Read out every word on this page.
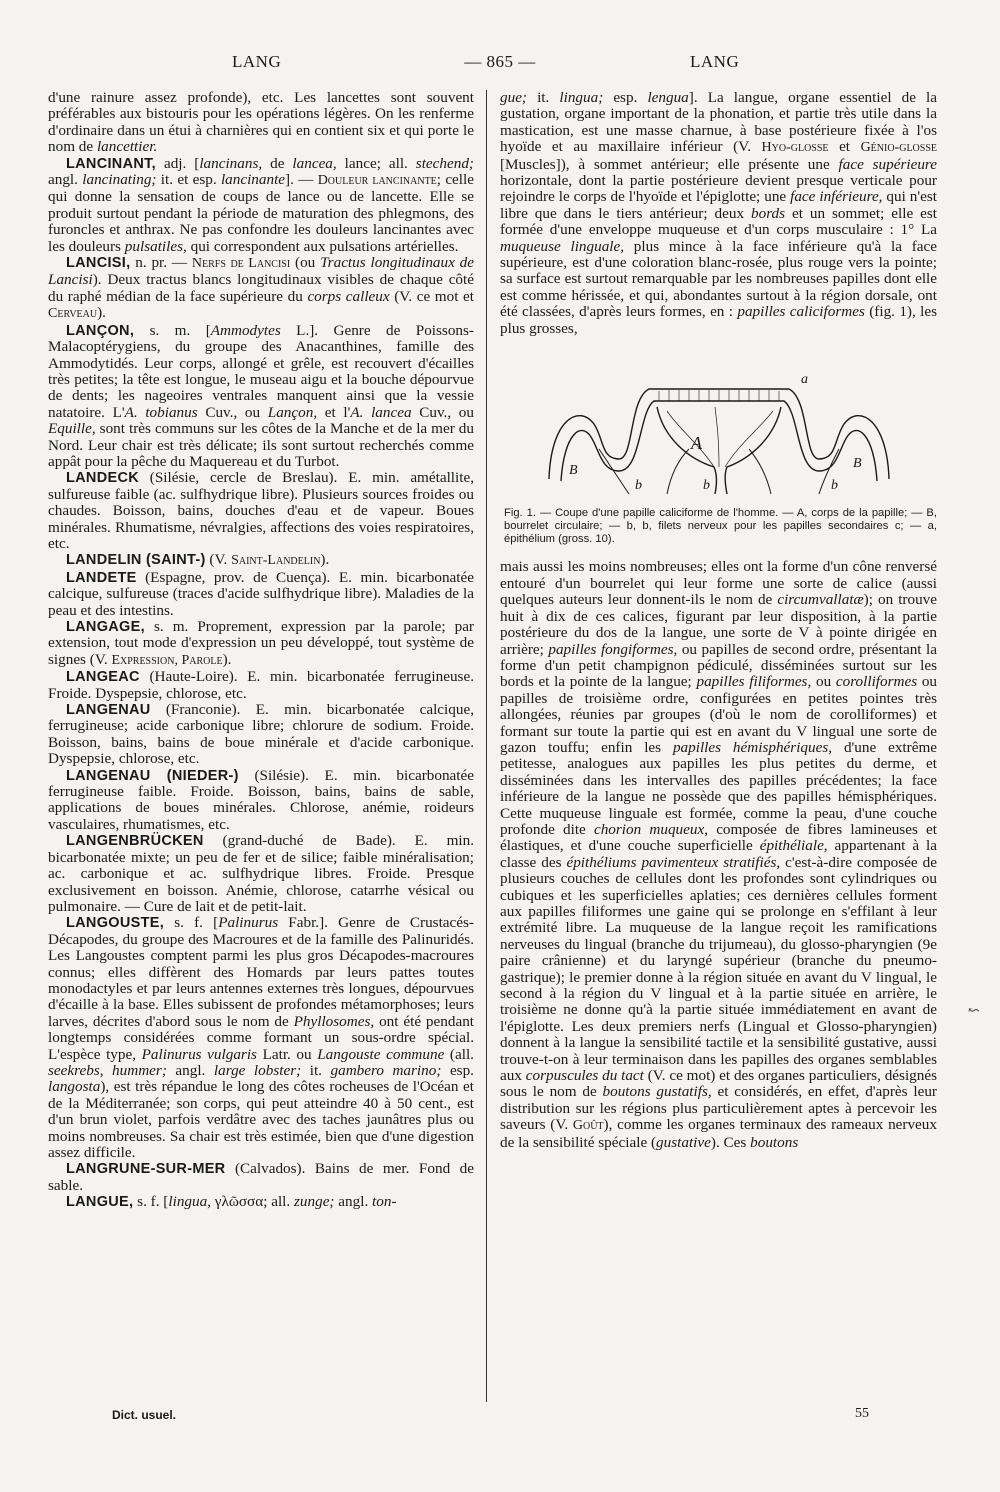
LANG	— 865 —	LANG

d'une rainure assez profonde), etc. Les lancettes sont souvent préférables aux bistouris pour les opérations légères. On les renferme d'ordinaire dans un étui à charnières qui en contient six et qui porte le nom de lancettier.

LANCINANT, adj. [lancinans, de lancea, lance; all. stechend; angl. lancinating; it. et esp. lancinante]. — Douleur lancinante; celle qui donne la sensation de coups de lance ou de lancette. Elle se produit surtout pendant la période de maturation des phlegmons, des furoncles et anthrax. Ne pas confondre les douleurs lancinantes avec les douleurs pulsatiles, qui correspondent aux pulsations artérielles.

LANCISI, n. pr. — Nerfs de Lancisi (ou Tractus longitudinaux de Lancisi). Deux tractus blancs longitudinaux visibles de chaque côté du raphé médian de la face supérieure du corps calleux (V. ce mot et Cerveau).

LANÇON, s. m. [Ammodytes L.]. Genre de Poissons-Malacoptérygiens, du groupe des Anacanthines, famille des Ammodytidés. Leur corps, allongé et grêle, est recouvert d'écailles très petites; la tête est longue, le museau aigu et la bouche dépourvue de dents; les nageoires ventrales manquent ainsi que la vessie natatoire. L'A. tobianus Cuv., ou Lançon, et l'A. lancea Cuv., ou Equille, sont très communs sur les côtes de la Manche et de la mer du Nord. Leur chair est très délicate; ils sont surtout recherchés comme appât pour la pêche du Maquereau et du Turbot.

LANDECK (Silésie, cercle de Breslau). E. min. amétallite, sulfureuse faible (ac. sulfhydrique libre). Plusieurs sources froides ou chaudes. Boisson, bains, douches d'eau et de vapeur. Boues minérales. Rhumatisme, névralgies, affections des voies respiratoires, etc.

LANDELIN (SAINT-) (V. Saint-Landelin).

LANDETE (Espagne, prov. de Cuença). E. min. bicarbonatée calcique, sulfureuse (traces d'acide sulfhydrique libre). Maladies de la peau et des intestins.

LANGAGE, s. m. Proprement, expression par la parole; par extension, tout mode d'expression un peu développé, tout système de signes (V. Expression, Parole).

LANGEAC (Haute-Loire). E. min. bicarbonatée ferrugineuse. Froide. Dyspepsie, chlorose, etc.

LANGENAU (Franconie). E. min. bicarbonatée calcique, ferrugineuse; acide carbonique libre; chlorure de sodium. Froide. Boisson, bains, bains de boue minérale et d'acide carbonique. Dyspepsie, chlorose, etc.

LANGENAU (NIEDER-) (Silésie). E. min. bicarbonatée ferrugineuse faible. Froide. Boisson, bains, bains de sable, applications de boues minérales. Chlorose, anémie, roideurs vasculaires, rhumatismes, etc.

LANGENBRÜCKEN (grand-duché de Bade). E. min. bicarbonatée mixte; un peu de fer et de silice; faible minéralisation; ac. carbonique et ac. sulfhydrique libres. Froide. Presque exclusivement en boisson. Anémie, chlorose, catarrhe vésical ou pulmonaire. — Cure de lait et de petit-lait.

LANGOUSTE, s. f. [Palinurus Fabr.]. Genre de Crustacés-Décapodes, du groupe des Macroures et de la famille des Palinuridés. Les Langoustes comptent parmi les plus gros Décapodes-macroures connus; elles diffèrent des Homards par leurs pattes toutes monodactyles et par leurs antennes externes très longues, dépourvues d'écaille à la base. Elles subissent de profondes métamorphoses; leurs larves, décrites d'abord sous le nom de Phyllosomes, ont été pendant longtemps considérées comme formant un sous-ordre spécial. L'espèce type, Palinurus vulgaris Latr. ou Langouste commune (all. seekrebs, hummer; angl. large lobster; it. gambero marino; esp. langosta), est très répandue le long des côtes rocheuses de l'Océan et de la Méditerranée; son corps, qui peut atteindre 40 à 50 cent., est d'un brun violet, parfois verdâtre avec des taches jaunâtres plus ou moins nombreuses. Sa chair est très estimée, bien que d'une digestion assez difficile.

LANGRUNE-SUR-MER (Calvados). Bains de mer. Fond de sable.

LANGUE, s. f. [lingua, γλῶσσα; all. zunge; angl. ton-

gue; it. lingua; esp. lengua]. La langue, organe essentiel de la gustation, organe important de la phonation, et partie très utile dans la mastication, est une masse charnue, à base postérieure fixée à l'os hyoïde et au maxillaire inférieur (V. Hyo-glosse et Génio-glosse [Muscles]), à sommet antérieur; elle présente une face supérieure horizontale, dont la partie postérieure devient presque verticale pour rejoindre le corps de l'hyoïde et l'épiglotte; une face inférieure, qui n'est libre que dans le tiers antérieur; deux bords et un sommet; elle est formée d'une enveloppe muqueuse et d'un corps musculaire : 1° La muqueuse linguale, plus mince à la face inférieure qu'à la face supérieure, est d'une coloration blanc-rosée, plus rouge vers la pointe; sa surface est surtout remarquable par les nombreuses papilles dont elle est comme hérissée, et qui, abondantes surtout à la région dorsale, ont été classées, d'après leurs formes, en : papilles caliciformes (fig. 1), les plus grosses,

a
A
B	B
b	b	b
Fig. 1. — Coupe d'une papille caliciforme de l'homme. — A, corps de la papille; — B, bourrelet circulaire; — b, b, filets nerveux pour les papilles secondaires c; — a, épithélium (gross. 10).

mais aussi les moins nombreuses; elles ont la forme d'un cône renversé entouré d'un bourrelet qui leur forme une sorte de calice (aussi quelques auteurs leur donnent-ils le nom de circumvallatæ); on trouve huit à dix de ces calices, figurant par leur disposition, à la partie postérieure du dos de la langue, une sorte de V à pointe dirigée en arrière; papilles fongiformes, ou papilles de second ordre, présentant la forme d'un petit champignon pédiculé, disséminées surtout sur les bords et la pointe de la langue; papilles filiformes, ou corolliformes ou papilles de troisième ordre, configurées en petites pointes très allongées, réunies par groupes (d'où le nom de corolliformes) et formant sur toute la partie qui est en avant du V lingual une sorte de gazon touffu; enfin les papilles hémisphériques, d'une extrême petitesse, analogues aux papilles les plus petites du derme, et disséminées dans les intervalles des papilles précédentes; la face inférieure de la langue ne possède que des papilles hémisphériques. Cette muqueuse linguale est formée, comme la peau, d'une couche profonde dite chorion muqueux, composée de fibres lamineuses et élastiques, et d'une couche superficielle épithéliale, appartenant à la classe des épithéliums pavimenteux stratifiés, c'est-à-dire composée de plusieurs couches de cellules dont les profondes sont cylindriques ou cubiques et les superficielles aplaties; ces dernières cellules forment aux papilles filiformes une gaine qui se prolonge en s'effilant à leur extrémité libre. La muqueuse de la langue reçoit les ramifications nerveuses du lingual (branche du trijumeau), du glosso-pharyngien (9e paire crânienne) et du laryngé supérieur (branche du pneumo-gastrique); le premier donne à la région située en avant du V lingual, le second à la région du V lingual et à la partie située en arrière, le troisième ne donne qu'à la partie située immédiatement en avant de l'épiglotte. Les deux premiers nerfs (Lingual et Glosso-pharyngien) donnent à la langue la sensibilité tactile et la sensibilité gustative, aussi trouve-t-on à leur terminaison dans les papilles des organes semblables aux corpuscules du tact (V. ce mot) et des organes particuliers, désignés sous le nom de boutons gustatifs, et considérés, en effet, d'après leur distribution sur les régions plus particulièrement aptes à percevoir les saveurs (V. Goût), comme les organes terminaux des rameaux nerveux de la sensibilité spéciale (gustative). Ces boutons

↜
Dict. usuel.	55
